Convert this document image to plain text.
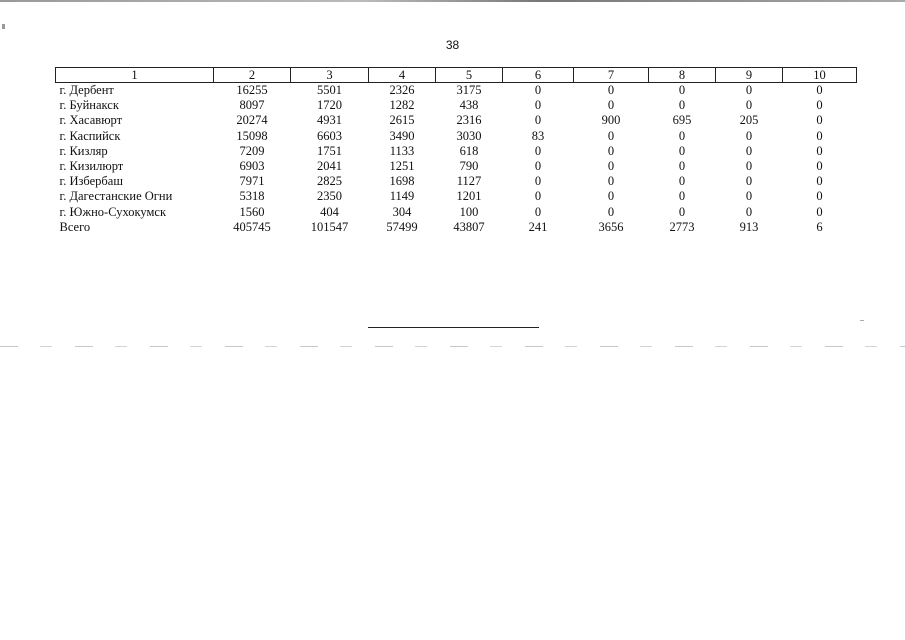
38
1	2	3	4	5	6	7	8	9	10
г. Дербент	16255	5501	2326	3175	0	0	0	0	0
г. Буйнакск	8097	1720	1282	438	0	0	0	0	0
г. Хасавюрт	20274	4931	2615	2316	0	900	695	205	0
г. Каспийск	15098	6603	3490	3030	83	0	0	0	0
г. Кизляр	7209	1751	1133	618	0	0	0	0	0
г. Кизилюрт	6903	2041	1251	790	0	0	0	0	0
г. Избербаш	7971	2825	1698	1127	0	0	0	0	0
г. Дагестанские Огни	5318	2350	1149	1201	0	0	0	0	0
г. Южно-Сухокумск	1560	404	304	100	0	0	0	0	0
Всего	405745	101547	57499	43807	241	3656	2773	913	6
